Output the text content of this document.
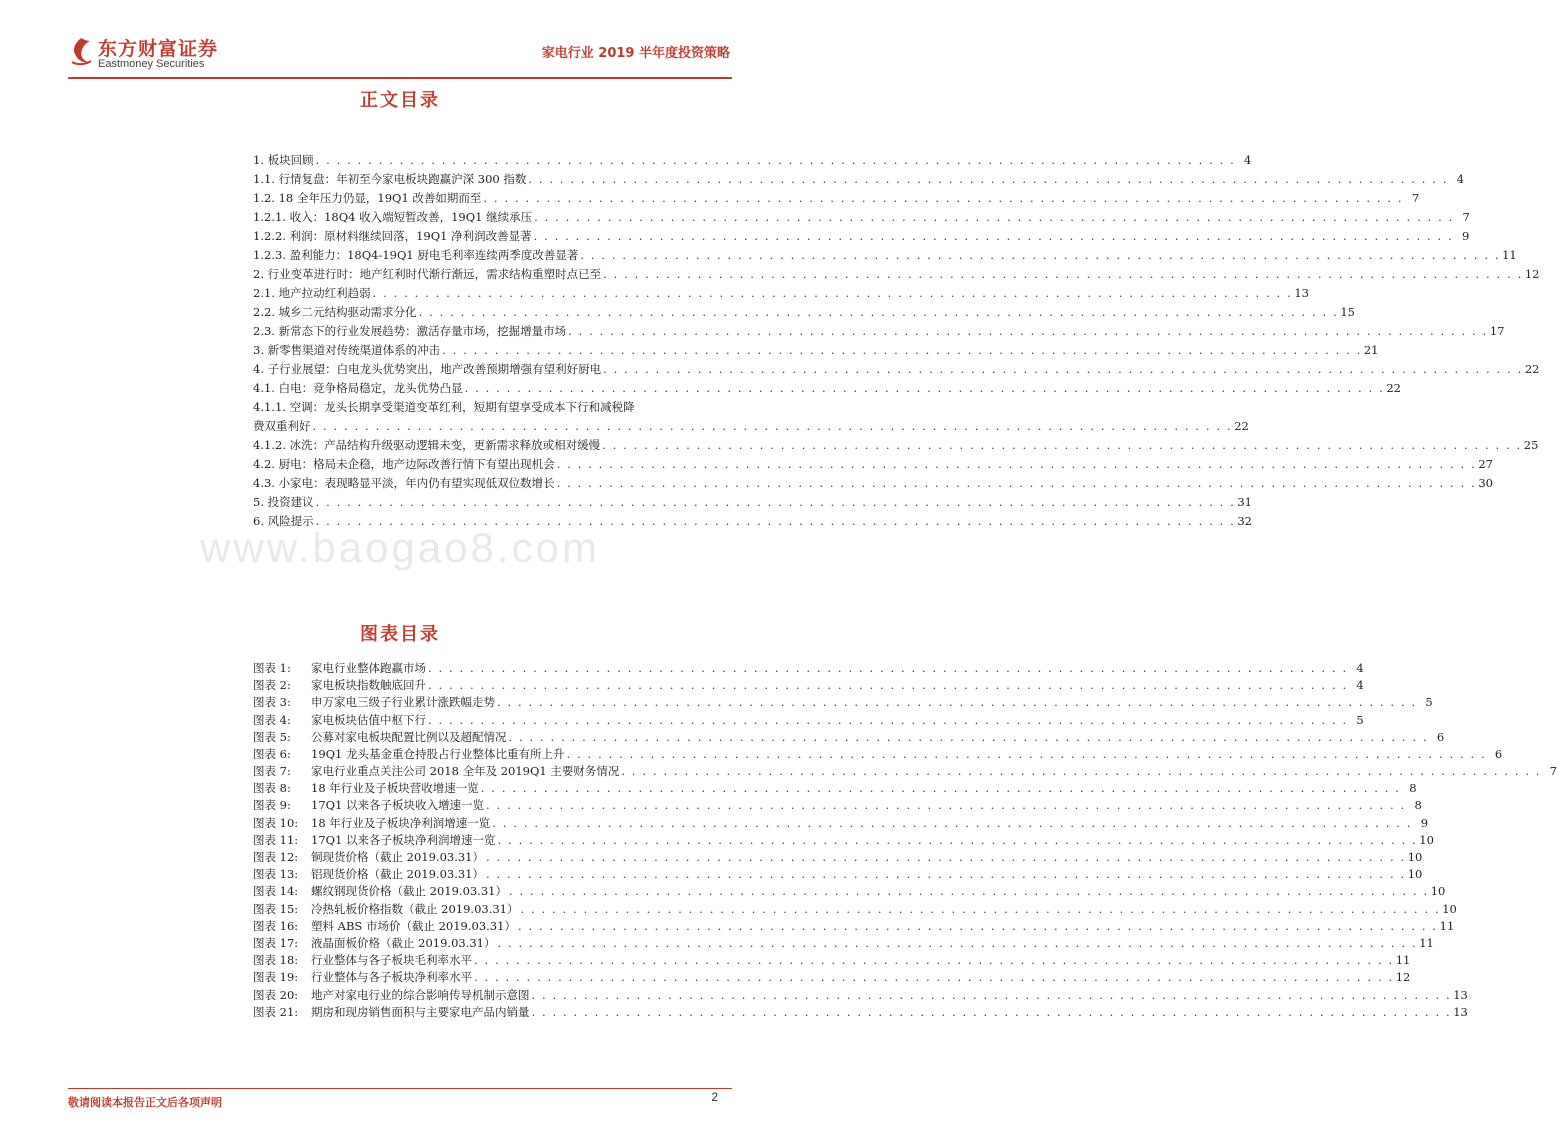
东方财富证券
Eastmoney Securities
家电行业 2019 半年度投资策略
正文目录
1. 板块回顾 . . . . . . . . . . . . . . . . . . . . . . . . . . . . . . . . . . . . . . . . . . . . . . . . . . . . . . . . . . . . . . . . . . . . . . . . . . . . . . . . . . . . . . . . 4
1.1. 行情复盘：年初至今家电板块跑赢沪深 300 指数 . . . . . . . . . . . . . . . . . . . . . . . . . . . . . . . . . . . . . . . . . . . . . . . . . . . . . . . . . . . . . . . . . . . . . . . . . . . . . . . . . . . . . . . . 4
1.2. 18 全年压力仍显，19Q1 改善如期而至 . . . . . . . . . . . . . . . . . . . . . . . . . . . . . . . . . . . . . . . . . . . . . . . . . . . . . . . . . . . . . . . . . . . . . . . . . . . . . . . . . . . . . . . . 7
1.2.1. 收入：18Q4 收入端短暂改善，19Q1 继续承压 . . . . . . . . . . . . . . . . . . . . . . . . . . . . . . . . . . . . . . . . . . . . . . . . . . . . . . . . . . . . . . . . . . . . . . . . . . . . . . . . . . . . . . . . 7
1.2.2. 利润：原材料继续回落，19Q1 净利润改善显著 . . . . . . . . . . . . . . . . . . . . . . . . . . . . . . . . . . . . . . . . . . . . . . . . . . . . . . . . . . . . . . . . . . . . . . . . . . . . . . . . . . . . . . . . 9
1.2.3. 盈利能力：18Q4-19Q1 厨电毛利率连续两季度改善显著 . . . . . . . . . . . . . . . . . . . . . . . . . . . . . . . . . . . . . . . . . . . . . . . . . . . . . . . . . . . . . . . . . . . . . . . . . . . . . . . . . . . . . . . . 11
2. 行业变革进行时：地产红利时代渐行渐远，需求结构重塑时点已至 . . . . . . . . . . . . . . . . . . . . . . . . . . . . . . . . . . . . . . . . . . . . . . . . . . . . . . . . . . . . . . . . . . . . . . . . . . . . . . . . . . . . . . . . 12
2.1. 地产拉动红利趋弱 . . . . . . . . . . . . . . . . . . . . . . . . . . . . . . . . . . . . . . . . . . . . . . . . . . . . . . . . . . . . . . . . . . . . . . . . . . . . . . . . . . . . . . . . 13
2.2. 城乡二元结构驱动需求分化 . . . . . . . . . . . . . . . . . . . . . . . . . . . . . . . . . . . . . . . . . . . . . . . . . . . . . . . . . . . . . . . . . . . . . . . . . . . . . . . . . . . . . . . . 15
2.3. 新常态下的行业发展趋势：激活存量市场，挖掘增量市场 . . . . . . . . . . . . . . . . . . . . . . . . . . . . . . . . . . . . . . . . . . . . . . . . . . . . . . . . . . . . . . . . . . . . . . . . . . . . . . . . . . . . . . . . 17
3. 新零售渠道对传统渠道体系的冲击 . . . . . . . . . . . . . . . . . . . . . . . . . . . . . . . . . . . . . . . . . . . . . . . . . . . . . . . . . . . . . . . . . . . . . . . . . . . . . . . . . . . . . . . . 21
4. 子行业展望：白电龙头优势突出，地产改善预期增强有望利好厨电 . . . . . . . . . . . . . . . . . . . . . . . . . . . . . . . . . . . . . . . . . . . . . . . . . . . . . . . . . . . . . . . . . . . . . . . . . . . . . . . . . . . . . . . . 22
4.1. 白电：竞争格局稳定，龙头优势凸显 . . . . . . . . . . . . . . . . . . . . . . . . . . . . . . . . . . . . . . . . . . . . . . . . . . . . . . . . . . . . . . . . . . . . . . . . . . . . . . . . . . . . . . . . 22
4.1.1. 空调：龙头长期享受渠道变革红利，短期有望享受成本下行和减税降
费双重利好 . . . . . . . . . . . . . . . . . . . . . . . . . . . . . . . . . . . . . . . . . . . . . . . . . . . . . . . . . . . . . . . . . . . . . . . . . . . . . . . . . . . . . . . . 22
4.1.2. 冰洗：产品结构升级驱动逻辑未变，更新需求释放或相对缓慢 . . . . . . . . . . . . . . . . . . . . . . . . . . . . . . . . . . . . . . . . . . . . . . . . . . . . . . . . . . . . . . . . . . . . . . . . . . . . . . . . . . . . . . . . 25
4.2. 厨电：格局未企稳，地产边际改善行情下有望出现机会 . . . . . . . . . . . . . . . . . . . . . . . . . . . . . . . . . . . . . . . . . . . . . . . . . . . . . . . . . . . . . . . . . . . . . . . . . . . . . . . . . . . . . . . . 27
4.3. 小家电：表现略显平淡，年内仍有望实现低双位数增长 . . . . . . . . . . . . . . . . . . . . . . . . . . . . . . . . . . . . . . . . . . . . . . . . . . . . . . . . . . . . . . . . . . . . . . . . . . . . . . . . . . . . . . . . 30
5. 投资建议 . . . . . . . . . . . . . . . . . . . . . . . . . . . . . . . . . . . . . . . . . . . . . . . . . . . . . . . . . . . . . . . . . . . . . . . . . . . . . . . . . . . . . . . . 31
6. 风险提示 . . . . . . . . . . . . . . . . . . . . . . . . . . . . . . . . . . . . . . . . . . . . . . . . . . . . . . . . . . . . . . . . . . . . . . . . . . . . . . . . . . . . . . . . 32
www.baogao8.com
图表目录
图表 1: 家电行业整体跑赢市场 . . . . . . . . . . . . . . . . . . . . . . . . . . . . . . . . . . . . . . . . . . . . . . . . . . . . . . . . . . . . . . . . . . . . . . . . . . . . . . . . . . . . . . . . 4
图表 2: 家电板块指数触底回升 . . . . . . . . . . . . . . . . . . . . . . . . . . . . . . . . . . . . . . . . . . . . . . . . . . . . . . . . . . . . . . . . . . . . . . . . . . . . . . . . . . . . . . . . 4
图表 3: 申万家电三级子行业累计涨跌幅走势 . . . . . . . . . . . . . . . . . . . . . . . . . . . . . . . . . . . . . . . . . . . . . . . . . . . . . . . . . . . . . . . . . . . . . . . . . . . . . . . . . . . . . . . . 5
图表 4: 家电板块估值中枢下行 . . . . . . . . . . . . . . . . . . . . . . . . . . . . . . . . . . . . . . . . . . . . . . . . . . . . . . . . . . . . . . . . . . . . . . . . . . . . . . . . . . . . . . . . 5
图表 5: 公募对家电板块配置比例以及超配情况 . . . . . . . . . . . . . . . . . . . . . . . . . . . . . . . . . . . . . . . . . . . . . . . . . . . . . . . . . . . . . . . . . . . . . . . . . . . . . . . . . . . . . . . . 6
图表 6: 19Q1 龙头基金重仓持股占行业整体比重有所上升 . . . . . . . . . . . . . . . . . . . . . . . . . . . . . . . . . . . . . . . . . . . . . . . . . . . . . . . . . . . . . . . . . . . . . . . . . . . . . . . . . . . . . . . . 6
图表 7: 家电行业重点关注公司 2018 全年及 2019Q1 主要财务情况 . . . . . . . . . . . . . . . . . . . . . . . . . . . . . . . . . . . . . . . . . . . . . . . . . . . . . . . . . . . . . . . . . . . . . . . . . . . . . . . . . . . . . . . . 7
图表 8: 18 年行业及子板块营收增速一览 . . . . . . . . . . . . . . . . . . . . . . . . . . . . . . . . . . . . . . . . . . . . . . . . . . . . . . . . . . . . . . . . . . . . . . . . . . . . . . . . . . . . . . . . 8
图表 9: 17Q1 以来各子板块收入增速一览 . . . . . . . . . . . . . . . . . . . . . . . . . . . . . . . . . . . . . . . . . . . . . . . . . . . . . . . . . . . . . . . . . . . . . . . . . . . . . . . . . . . . . . . . 8
图表 10: 18 年行业及子板块净利润增速一览 . . . . . . . . . . . . . . . . . . . . . . . . . . . . . . . . . . . . . . . . . . . . . . . . . . . . . . . . . . . . . . . . . . . . . . . . . . . . . . . . . . . . . . . . 9
图表 11: 17Q1 以来各子板块净利润增速一览 . . . . . . . . . . . . . . . . . . . . . . . . . . . . . . . . . . . . . . . . . . . . . . . . . . . . . . . . . . . . . . . . . . . . . . . . . . . . . . . . . . . . . . . . 10
图表 12: 铜现货价格（截止 2019.03.31） . . . . . . . . . . . . . . . . . . . . . . . . . . . . . . . . . . . . . . . . . . . . . . . . . . . . . . . . . . . . . . . . . . . . . . . . . . . . . . . . . . . . . . . . 10
图表 13: 铝现货价格（截止 2019.03.31） . . . . . . . . . . . . . . . . . . . . . . . . . . . . . . . . . . . . . . . . . . . . . . . . . . . . . . . . . . . . . . . . . . . . . . . . . . . . . . . . . . . . . . . . 10
图表 14: 螺纹钢现货价格（截止 2019.03.31） . . . . . . . . . . . . . . . . . . . . . . . . . . . . . . . . . . . . . . . . . . . . . . . . . . . . . . . . . . . . . . . . . . . . . . . . . . . . . . . . . . . . . . . . 10
图表 15: 冷热轧板价格指数（截止 2019.03.31） . . . . . . . . . . . . . . . . . . . . . . . . . . . . . . . . . . . . . . . . . . . . . . . . . . . . . . . . . . . . . . . . . . . . . . . . . . . . . . . . . . . . . . . . 10
图表 16: 塑料 ABS 市场价（截止 2019.03.31） . . . . . . . . . . . . . . . . . . . . . . . . . . . . . . . . . . . . . . . . . . . . . . . . . . . . . . . . . . . . . . . . . . . . . . . . . . . . . . . . . . . . . . . . 11
图表 17: 液晶面板价格（截止 2019.03.31） . . . . . . . . . . . . . . . . . . . . . . . . . . . . . . . . . . . . . . . . . . . . . . . . . . . . . . . . . . . . . . . . . . . . . . . . . . . . . . . . . . . . . . . . 11
图表 18: 行业整体与各子板块毛利率水平 . . . . . . . . . . . . . . . . . . . . . . . . . . . . . . . . . . . . . . . . . . . . . . . . . . . . . . . . . . . . . . . . . . . . . . . . . . . . . . . . . . . . . . . . 11
图表 19: 行业整体与各子板块净利率水平 . . . . . . . . . . . . . . . . . . . . . . . . . . . . . . . . . . . . . . . . . . . . . . . . . . . . . . . . . . . . . . . . . . . . . . . . . . . . . . . . . . . . . . . . 12
图表 20: 地产对家电行业的综合影响传导机制示意图 . . . . . . . . . . . . . . . . . . . . . . . . . . . . . . . . . . . . . . . . . . . . . . . . . . . . . . . . . . . . . . . . . . . . . . . . . . . . . . . . . . . . . . . . 13
图表 21: 期房和现房销售面积与主要家电产品内销量 . . . . . . . . . . . . . . . . . . . . . . . . . . . . . . . . . . . . . . . . . . . . . . . . . . . . . . . . . . . . . . . . . . . . . . . . . . . . . . . . . . . . . . . . 13
敬请阅读本报告正文后各项声明	2
